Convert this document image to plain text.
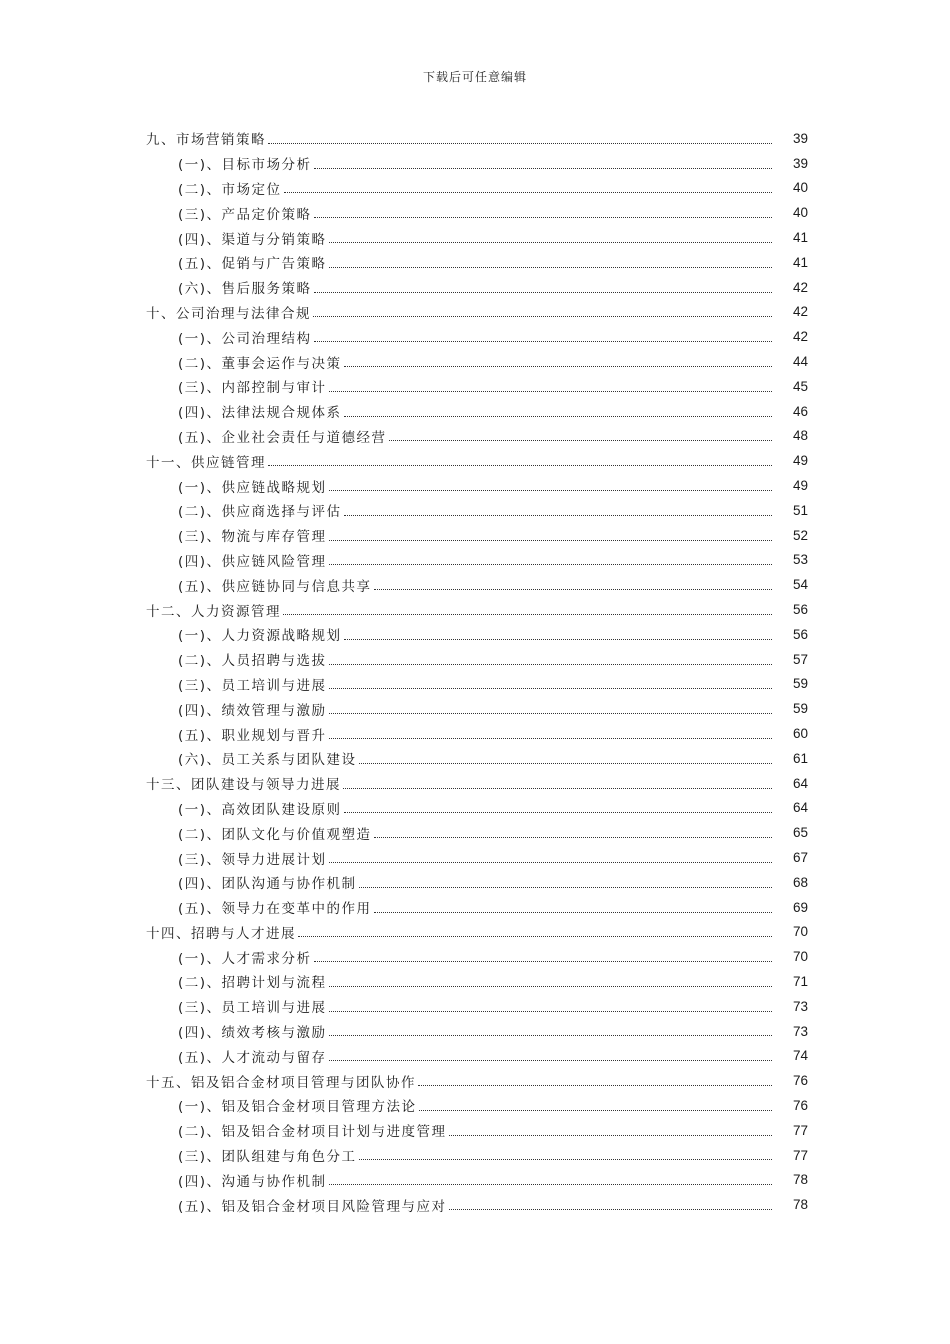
下载后可任意编辑
九、市场营销策略	39
(一)、目标市场分析	39
(二)、市场定位	40
(三)、产品定价策略	40
(四)、渠道与分销策略	41
(五)、促销与广告策略	41
(六)、售后服务策略	42
十、公司治理与法律合规	42
(一)、公司治理结构	42
(二)、董事会运作与决策	44
(三)、内部控制与审计	45
(四)、法律法规合规体系	46
(五)、企业社会责任与道德经营	48
十一、供应链管理	49
(一)、供应链战略规划	49
(二)、供应商选择与评估	51
(三)、物流与库存管理	52
(四)、供应链风险管理	53
(五)、供应链协同与信息共享	54
十二、人力资源管理	56
(一)、人力资源战略规划	56
(二)、人员招聘与选拔	57
(三)、员工培训与进展	59
(四)、绩效管理与激励	59
(五)、职业规划与晋升	60
(六)、员工关系与团队建设	61
十三、团队建设与领导力进展	64
(一)、高效团队建设原则	64
(二)、团队文化与价值观塑造	65
(三)、领导力进展计划	67
(四)、团队沟通与协作机制	68
(五)、领导力在变革中的作用	69
十四、招聘与人才进展	70
(一)、人才需求分析	70
(二)、招聘计划与流程	71
(三)、员工培训与进展	73
(四)、绩效考核与激励	73
(五)、人才流动与留存	74
十五、铝及铝合金材项目管理与团队协作	76
(一)、铝及铝合金材项目管理方法论	76
(二)、铝及铝合金材项目计划与进度管理	77
(三)、团队组建与角色分工	77
(四)、沟通与协作机制	78
(五)、铝及铝合金材项目风险管理与应对	78
